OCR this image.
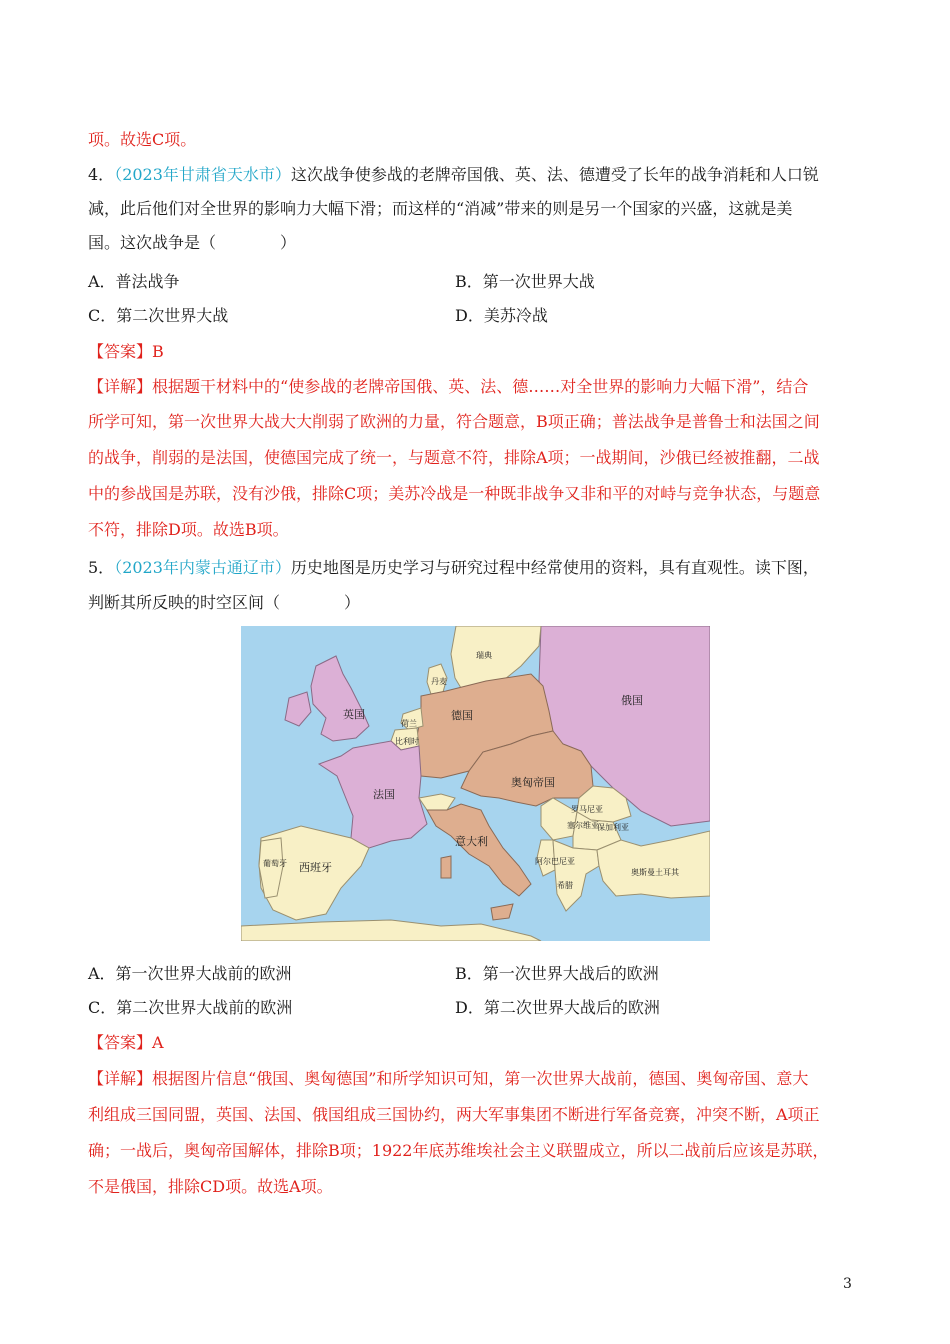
项。故选C项。
4．（2023年甘肃省天水市）这次战争使参战的老牌帝国俄、英、法、德遭受了长年的战争消耗和人口锐
减，此后他们对全世界的影响力大幅下滑；而这样的“消减”带来的则是另一个国家的兴盛，这就是美
国。这次战争是（　　　　）
A．普法战争	B．第一次世界大战
C．第二次世界大战	D．美苏冷战
【答案】B
【详解】根据题干材料中的“使参战的老牌帝国俄、英、法、德……对全世界的影响力大幅下滑”，结合
所学可知，第一次世界大战大大削弱了欧洲的力量，符合题意，B项正确；普法战争是普鲁士和法国之间
的战争，削弱的是法国，使德国完成了统一，与题意不符，排除A项；一战期间，沙俄已经被推翻，二战
中的参战国是苏联，没有沙俄，排除C项；美苏冷战是一种既非战争又非和平的对峙与竞争状态，与题意
不符，排除D项。故选B项。
5．（2023年内蒙古通辽市）历史地图是历史学习与研究过程中经常使用的资料，具有直观性。读下图，
判断其所反映的时空区间（　　　　）
瑞典
丹麦
英国
俄国
荷兰
德国
比利时
奥匈帝国
法国
罗马尼亚
塞尔维亚
保加利亚
意大利
葡萄牙 西班牙	阿尔巴尼亚
希腊
奥斯曼土耳其
A．第一次世界大战前的欧洲	B．第一次世界大战后的欧洲
C．第二次世界大战前的欧洲	D．第二次世界大战后的欧洲
【答案】A
【详解】根据图片信息“俄国、奥匈德国”和所学知识可知，第一次世界大战前，德国、奥匈帝国、意大
利组成三国同盟，英国、法国、俄国组成三国协约，两大军事集团不断进行军备竞赛，冲突不断，A项正
确；一战后，奥匈帝国解体，排除B项；1922年底苏维埃社会主义联盟成立，所以二战前后应该是苏联，
不是俄国，排除CD项。故选A项。
3
